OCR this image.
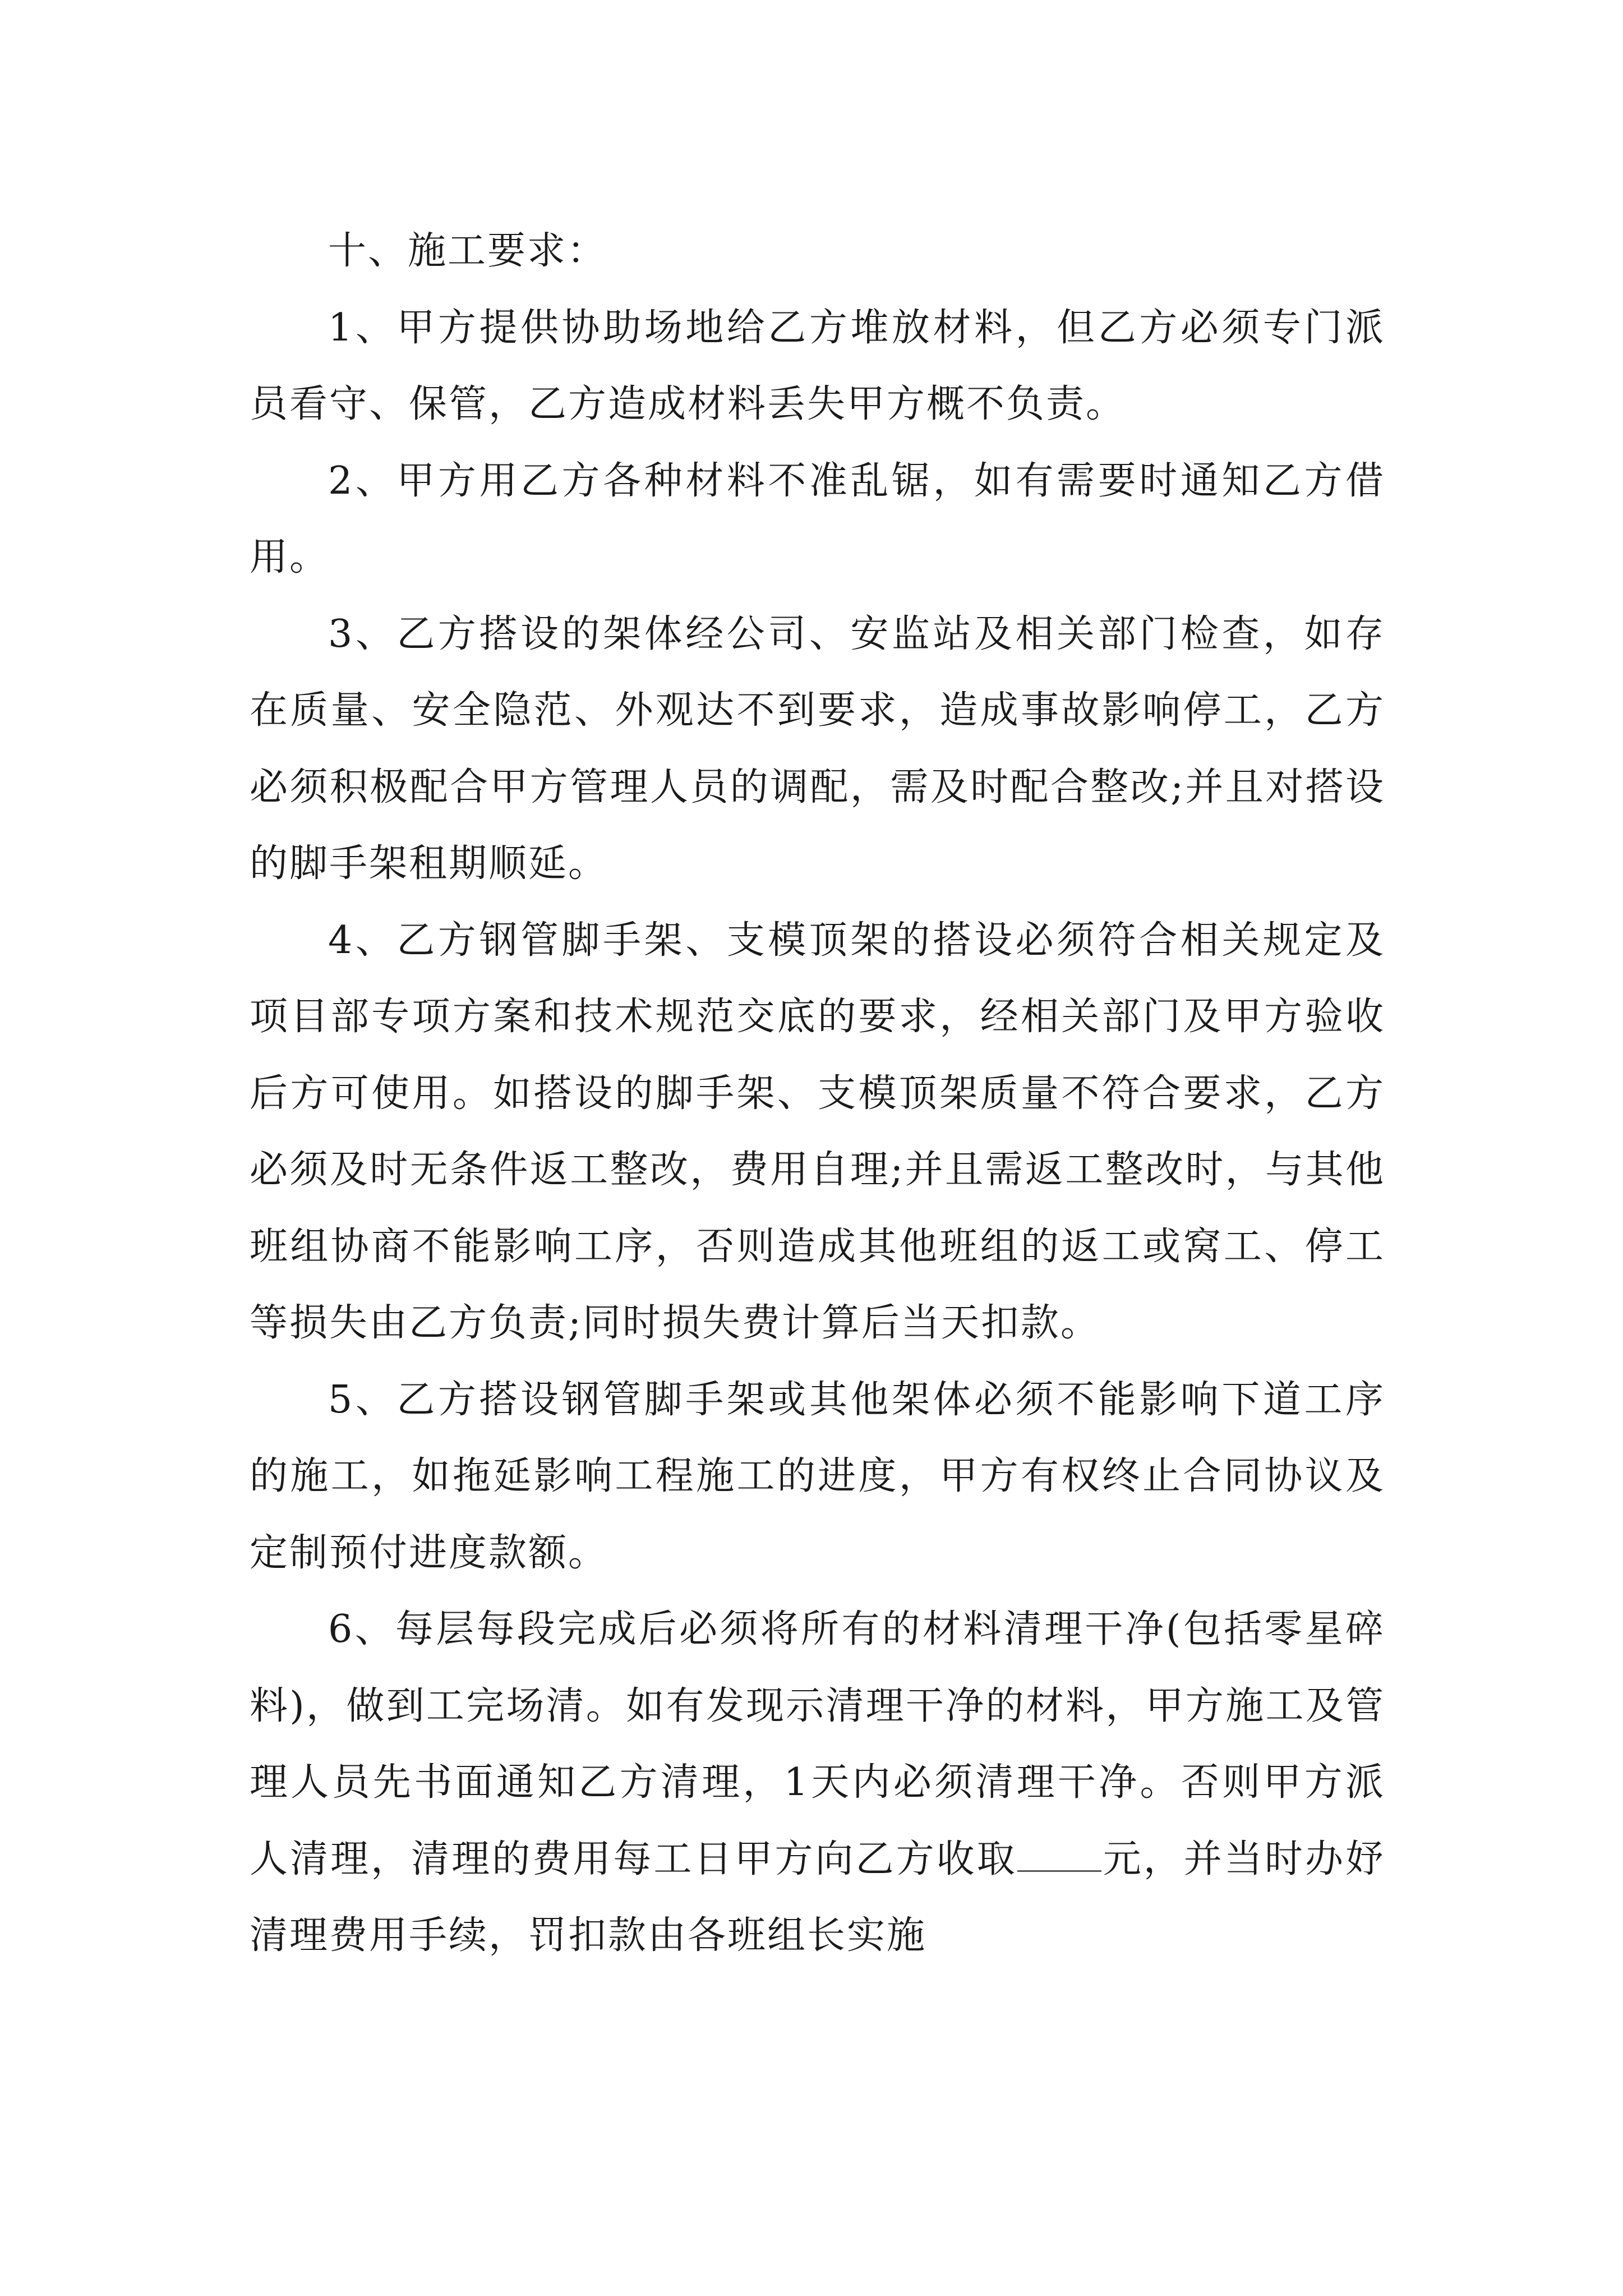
十、施工要求：

1、甲方提供协助场地给乙方堆放材料，但乙方必须专门派员看守、保管，乙方造成材料丢失甲方概不负责。

2、甲方用乙方各种材料不准乱锯，如有需要时通知乙方借用。

3、乙方搭设的架体经公司、安监站及相关部门检查，如存在质量、安全隐范、外观达不到要求，造成事故影响停工，乙方必须积极配合甲方管理人员的调配，需及时配合整改;并且对搭设的脚手架租期顺延。

4、乙方钢管脚手架、支模顶架的搭设必须符合相关规定及项目部专项方案和技术规范交底的要求，经相关部门及甲方验收后方可使用。如搭设的脚手架、支模顶架质量不符合要求，乙方必须及时无条件返工整改，费用自理;并且需返工整改时，与其他班组协商不能影响工序，否则造成其他班组的返工或窝工、停工等损失由乙方负责;同时损失费计算后当天扣款。

5、乙方搭设钢管脚手架或其他架体必须不能影响下道工序的施工，如拖延影响工程施工的进度，甲方有权终止合同协议及定制预付进度款额。

6、每层每段完成后必须将所有的材料清理干净(包括零星碎料)，做到工完场清。如有发现示清理干净的材料，甲方施工及管理人员先书面通知乙方清理，1天内必须清理干净。否则甲方派人清理，清理的费用每工日甲方向乙方收取 元，并当时办妤清理费用手续，罚扣款由各班组长实施
